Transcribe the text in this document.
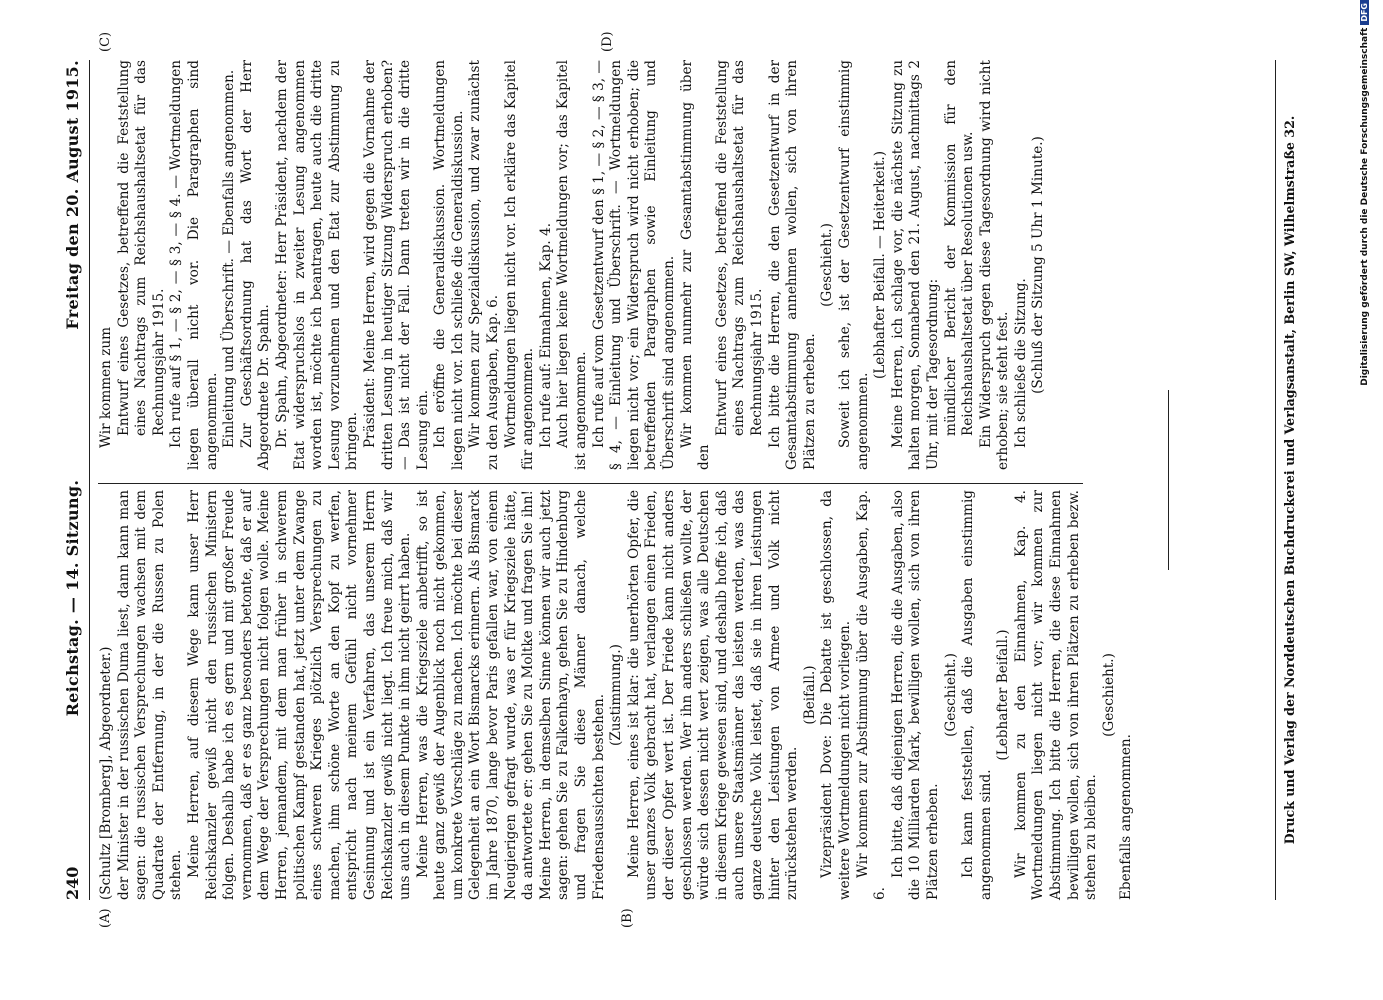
240
Reichstag. — 14. Sitzung.
Freitag den 20. August 1915.
(A)	(B)
(C)	(D)

(Schultz [Bromberg], Abgeordneter.) der Minister in der russischen Duma liest, dann kann man sagen: die russischen Versprechungen wachsen mit dem Quadrate der Entfernung, in der die Russen zu Polen stehen. Meine Herren, auf diesem Wege kann unser Herr Reichskanzler gewiß nicht den russischen Ministern folgen. Deshalb habe ich es gern und mit großer Freude vernommen, daß er es ganz besonders betonte, daß er auf dem Wege der Versprechungen nicht folgen wolle. Meine Herren, jemandem, mit dem man früher in schwerem politischen Kampf gestanden hat, jetzt unter dem Zwange eines schweren Krieges plötzlich Versprechungen zu machen, ihm schöne Worte an den Kopf zu werfen, entspricht nach meinem Gefühl nicht vornehmer Gesinnung und ist ein Verfahren, das unserem Herrn Reichskanzler gewiß nicht liegt. Ich freue mich, daß wir uns auch in diesem Punkte in ihm nicht geirrt haben. Meine Herren, was die Kriegsziele anbetrifft, so ist heute ganz gewiß der Augenblick noch nicht gekommen, um konkrete Vorschläge zu machen. Ich möchte bei dieser Gelegenheit an ein Wort Bismarcks erinnern. Als Bismarck im Jahre 1870, lange bevor Paris gefallen war, von einem Neugierigen gefragt wurde, was er für Kriegsziele hätte, da antwortete er: gehen Sie zu Moltke und fragen Sie ihn! Meine Herren, in demselben Sinne können wir auch jetzt sagen: gehen Sie zu Falkenhayn, gehen Sie zu Hindenburg und fragen Sie diese Männer danach, welche Friedensaussichten bestehen. (Zustimmung.) Meine Herren, eines ist klar: die unerhörten Opfer, die unser ganzes Volk gebracht hat, verlangen einen Frieden, der dieser Opfer wert ist. Der Friede kann nicht anders geschlossen werden. Wer ihn anders schließen wollte, der würde sich dessen nicht wert zeigen, was alle Deutschen in diesem Kriege gewesen sind, und deshalb hoffe ich, daß auch unsere Staatsmänner das leisten werden, was das ganze deutsche Volk leistet, daß sie in ihren Leistungen hinter den Leistungen von Armee und Volk nicht zurückstehen werden.

(Beifall.) Vizepräsident Dove: Die Debatte ist geschlossen, da weitere Wortmeldungen nicht vorliegen. Wir kommen zur Abstimmung über die Ausgaben, Kap. 6.

Ich bitte, daß diejenigen Herren, die die Ausgaben, also die 10 Milliarden Mark, bewilligen wollen, sich von ihren Plätzen erheben.

(Geschieht.) Ich kann feststellen, daß die Ausgaben einstimmig angenommen sind.

(Lebhafter Beifall.) Wir kommen zu den Einnahmen, Kap. 4. Wortmeldungen liegen nicht vor; wir kommen zur Abstimmung. Ich bitte die Herren, die diese Einnahmen bewilligen wollen, sich von ihren Plätzen zu erheben bezw. stehen zu bleiben.

(Geschieht.)

Ebenfalls angenommen.

Wir kommen zum Entwurf eines Gesetzes, betreffend die Feststellung eines Nachtrags zum Reichshaushaltsetat für das Rechnungsjahr 1915. Ich rufe auf § 1, — § 2, — § 3, — § 4. — Wortmeldungen liegen überall nicht vor. Die Paragraphen sind angenommen. Einleitung und Überschrift. — Ebenfalls angenommen. Zur Geschäftsordnung hat das Wort der Herr Abgeordnete Dr. Spahn. Dr. Spahn, Abgeordneter: Herr Präsident, nachdem der Etat widerspruchslos in zweiter Lesung angenommen worden ist, möchte ich beantragen, heute auch die dritte Lesung vorzunehmen und den Etat zur Abstimmung zu bringen. Präsident: Meine Herren, wird gegen die Vornahme der dritten Lesung in heutiger Sitzung Widerspruch erhoben? — Das ist nicht der Fall. Dann treten wir in die dritte Lesung ein. Ich eröffne die Generaldiskussion. Wortmeldungen liegen nicht vor. Ich schließe die Generaldiskussion. Wir kommen zur Spezialdiskussion, und zwar zunächst zu den Ausgaben, Kap. 6. Wortmeldungen liegen nicht vor. Ich erkläre das Kapitel für angenommen. Ich rufe auf: Einnahmen, Kap. 4. Auch hier liegen keine Wortmeldungen vor; das Kapitel ist angenommen. Ich rufe auf vom Gesetzentwurf den § 1, — § 2, — § 3, — § 4, — Einleitung und Überschrift. — Wortmeldungen liegen nicht vor; ein Widerspruch wird nicht erhoben; die betreffenden Paragraphen sowie Einleitung und Überschrift sind angenommen. Wir kommen nunmehr zur Gesamtabstimmung über den

Entwurf eines Gesetzes, betreffend die Feststellung eines Nachtrags zum Reichshaushaltsetat für das Rechnungsjahr 1915. Ich bitte die Herren, die den Gesetzentwurf in der Gesamtabstimmung annehmen wollen, sich von ihren Plätzen zu erheben.

(Geschieht.) Soweit ich sehe, ist der Gesetzentwurf einstimmig angenommen.

(Lebhafter Beifall. — Heiterkeit.) Meine Herren, ich schlage vor, die nächste Sitzung zu halten morgen, Sonnabend den 21. August, nachmittags 2 Uhr, mit der Tagesordnung: mündlicher Bericht der Kommission für den Reichshaushaltsetat über Resolutionen usw. Ein Widerspruch gegen diese Tagesordnung wird nicht erhoben; sie steht fest. Ich schließe die Sitzung. (Schluß der Sitzung 5 Uhr 1 Minute.)	Druck und Verlag der Norddeutschen Buchdruckerei und Verlagsanstalt, Berlin SW, Wilhelmstraße 32.	Digitalisierung gefördert durch die Deutsche ForschungsgemeinschaftDFG
